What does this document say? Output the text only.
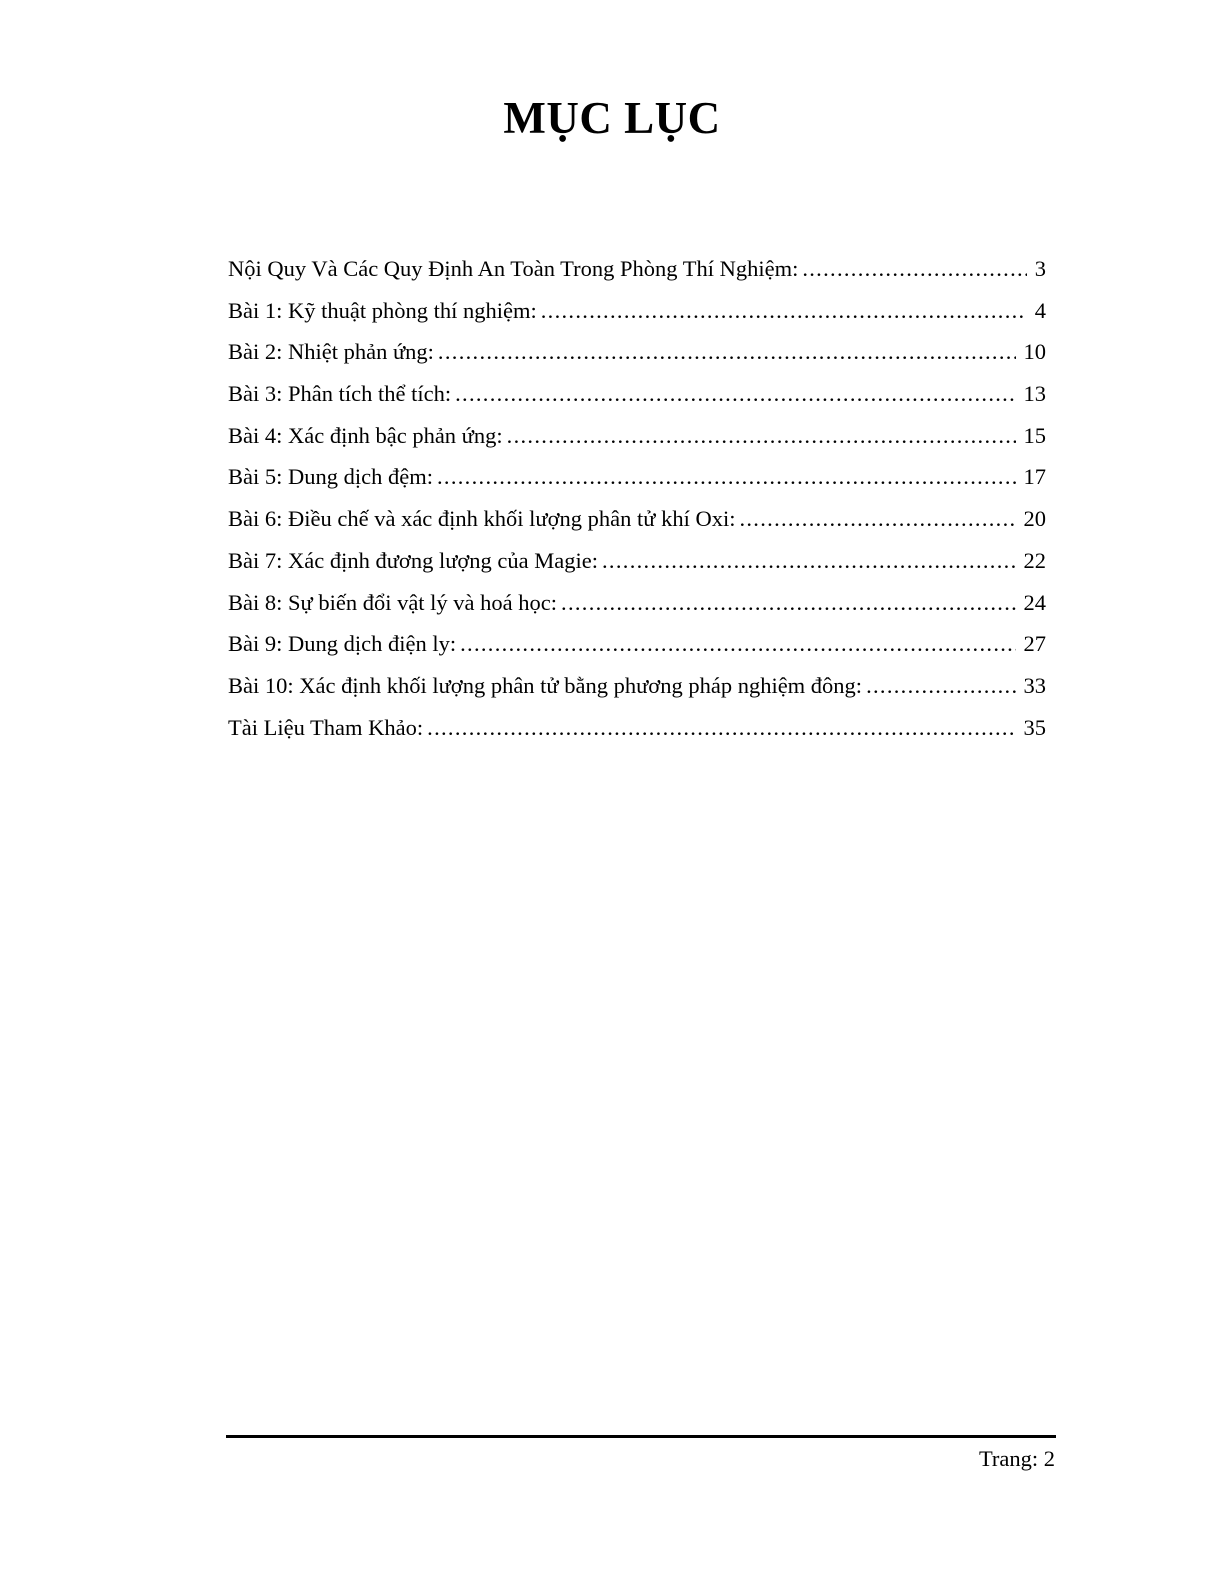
MỤC LỤC
Nội Quy Và Các Quy Định An Toàn Trong Phòng Thí Nghiệm: .....	3
Bài 1: Kỹ thuật phòng thí nghiệm: .....	4
Bài 2: Nhiệt phản ứng: .....	10
Bài 3: Phân tích thể tích: .....	13
Bài 4: Xác định bậc phản ứng: .....	15
Bài 5: Dung dịch đệm: .....	17
Bài 6: Điều chế và xác định khối lượng phân tử khí Oxi: .....	20
Bài 7: Xác định đương lượng của Magie: .....	22
Bài 8: Sự biến đổi vật lý và hoá học: .....	24
Bài 9: Dung dịch điện ly: .....	27
Bài 10: Xác định khối lượng phân tử bằng phương pháp nghiệm đông: .....	33
Tài Liệu Tham Khảo: .....	35
Trang: 2
